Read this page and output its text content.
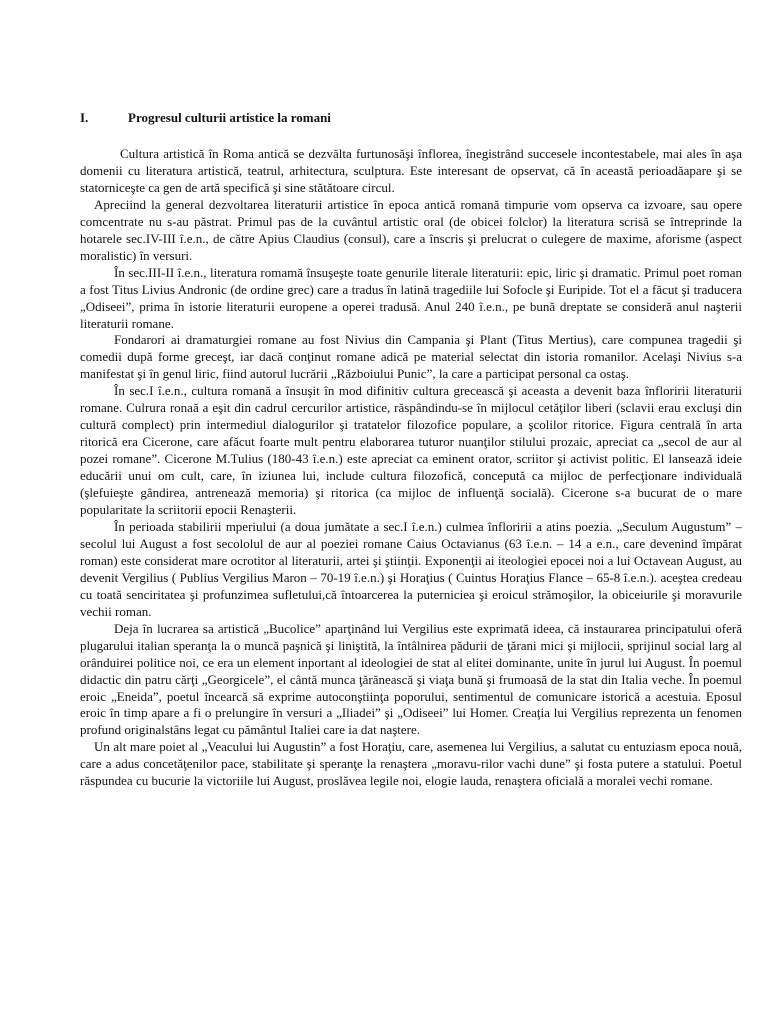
I.	Progresul culturii artistice la romani

Cultura artistică în Roma antică se dezvălta furtunosăşi înflorea, înegistrând succesele incontestabele, mai ales în aşa domenii cu literatura artistică, teatrul, arhitectura, sculptura. Este interesant de opservat, că în această perioadăapare şi se statorniceşte ca gen de artă specifică şi sine stătătoare circul.

Apreciind la general dezvoltarea literaturii artistice în epoca antică romană timpurie vom opserva ca izvoare, sau opere comcentrate nu s-au păstrat. Primul pas de la cuvântul artistic oral (de obicei folclor) la literatura scrisă se întreprinde la hotarele sec.IV-III î.e.n., de către Apius Claudius (consul), care a înscris şi prelucrat o culegere de maxime, aforisme (aspect moralistic) în versuri.

În sec.III-II î.e.n., literatura romamă însuşeşte toate genurile literale literaturii: epic, liric şi dramatic. Primul poet roman a fost Titus Livius Andronic (de ordine grec) care a tradus în latină tragediile lui Sofocle şi Euripide. Tot el a făcut şi traducera „Odiseei”, prima în istorie literaturii europene a operei tradusă. Anul 240 î.e.n., pe bună dreptate se consideră anul naşterii literaturii romane.

Fondarori ai dramaturgiei romane au fost Nivius din Campania şi Plant (Titus Mertius), care compunea tragedii şi comedii după forme grecеşt, iar dacă conţinut romane adică pe material selectat din istoria romanilor. Acelaşi Nivius s-a manifestat şi în genul liric, fiind autorul lucrării „Războiului Punic”, la care a participat personal ca ostaş.

În sec.I î.e.n., cultura romană a însuşit în mod difinitiv cultura grecească şi aceasta a devenit baza înfloririi literaturii romane. Culrura ronaă a eşit din cadrul cercurilor artistice, răspândindu-se în mijlocul cetăţilor liberi (sclavii erau excluşi din cultură complect) prin intermediul dialogurilor şi tratatelor filozofice populare, a şcolilor ritorice. Figura centrală în arta ritorică era Cicerone, care afăcut foarte mult pentru elaborarea tuturor nuanţilor stilului prozaic, apreciat ca „secol de aur al pozei romane”. Cicerone M.Tulius (180-43 î.e.n.) este apreciat ca eminent orator, scriitor şi activist politic. El lansează ideie educării unui om cult, care, în iziunea lui, include cultura filozofică, concepută ca mijloc de perfecţionare individuală (şlefuieşte gândirea, antrenează memoria) şi ritorica (ca mijloc de influenţă socială). Cicerone s-a bucurat de o mare popularitate la scriitorii epocii Renaşterii.

În perioada stabilirii mperiului (a doua jumătate a sec.I î.e.n.) culmea înfloririi a atins poezia. „Seculum Augustum” – secolul lui August a fost secololul de aur al poeziei romane Caius Octavianus (63 î.e.n. – 14 a e.n., care devenind împărat roman) este considerat mare ocrotitor al literaturii, artei şi ştiinţii. Exponenţii ai iteologiei epocei noi a lui Octavean August, au devenit Vergilius ( Publius Vergilius Maron – 70-19 î.e.n.) şi Horaţius ( Cuintus Horaţius Flance – 65-8 î.e.n.). aceştea credeau cu toată senciritatea şi profunzimea sufletului,că întoarcerea la puterniciea şi eroicul strămoşilor, la obiceiurile şi moravurile vechii roman.

Deja în lucrarea sa artistică „Bucolice” aparţinând lui Vergilius este exprimată ideea, că instaurarea principatului oferă plugarului italian speranţa la o muncă paşnică şi linіştită, la întâlnirea pădurii de ţărani mici şi mijlocii, sprijinul social larg al orânduirei politice noi, ce era un element inportant al ideologiei de stat al elitei dominante, unite în jurul lui August. În poemul didactic din patru cărţi „Georgicele”, el cântă munca ţărănească şi viaţa bună şi frumoasă de la stat din Italia veche. În poemul eroic „Eneida”, poetul încearcă să exprime autoconştiinţa poporului, sentimentul de comunicare istorică a acestuia. Eposul eroic în timp apare a fi o prelungire în versuri a „Iliadei” şi „Odiseei” lui Homer. Creaţia lui Vergilius reprezenta un fenomen profund originalstâns legat cu pământul Italiei care ia dat naştere.

Un alt mare poiet al „Veacului lui Augustin” a fost Horaţiu, care, asemenea lui Vergilius, a salutat cu entuziasm epoca nouă, care a adus concetăţenilor pace, stabilitate şi speranţe la renaştera „moravu-rilor vachi dune” şi fosta putere a statului. Poetul răspundea cu bucurie la victoriile lui August, proslăvea legile noi, elogie lauda, renaştera oficială a moralei vechi romane.
